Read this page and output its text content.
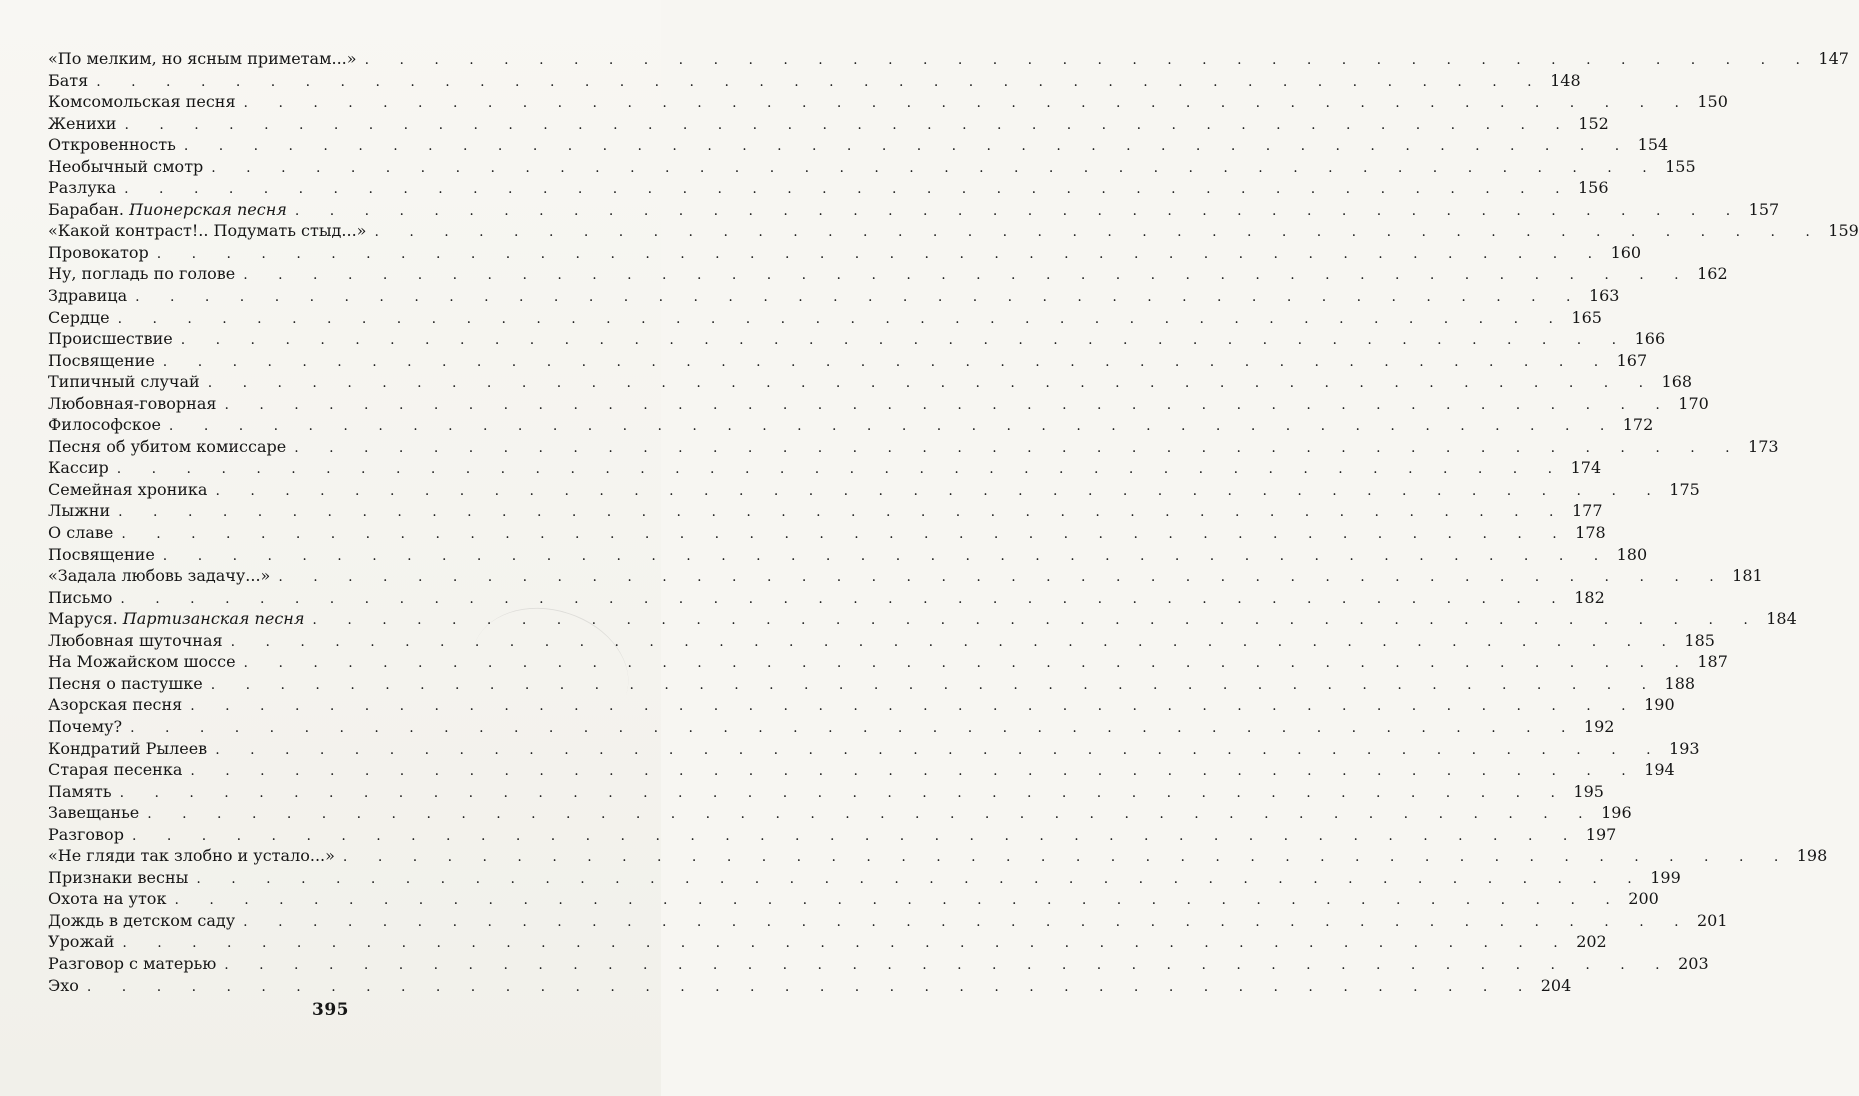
«По мелким, но ясным приметам...» . . . . . . . . . . . . . . . . . . . . . . . . . . . . . . . . . . . . . . . . . . 147
Батя . . . . . . . . . . . . . . . . . . . . . . . . . . . . . . . . . . . . . . . . . . 148
Комсомольская песня . . . . . . . . . . . . . . . . . . . . . . . . . . . . . . . . . . . . . . . . . . 150
Женихи . . . . . . . . . . . . . . . . . . . . . . . . . . . . . . . . . . . . . . . . . . 152
Откровенность . . . . . . . . . . . . . . . . . . . . . . . . . . . . . . . . . . . . . . . . . . 154
Необычный смотр . . . . . . . . . . . . . . . . . . . . . . . . . . . . . . . . . . . . . . . . . . 155
Разлука . . . . . . . . . . . . . . . . . . . . . . . . . . . . . . . . . . . . . . . . . . 156
Барабан. Пионерская песня . . . . . . . . . . . . . . . . . . . . . . . . . . . . . . . . . . . . . . . . . . 157
«Какой контраст!.. Подумать стыд...» . . . . . . . . . . . . . . . . . . . . . . . . . . . . . . . . . . . . . . . . . . 159
Провокатор . . . . . . . . . . . . . . . . . . . . . . . . . . . . . . . . . . . . . . . . . . 160
Ну, погладь по голове . . . . . . . . . . . . . . . . . . . . . . . . . . . . . . . . . . . . . . . . . . 162
Здравица . . . . . . . . . . . . . . . . . . . . . . . . . . . . . . . . . . . . . . . . . . 163
Сердце . . . . . . . . . . . . . . . . . . . . . . . . . . . . . . . . . . . . . . . . . . 165
Происшествие . . . . . . . . . . . . . . . . . . . . . . . . . . . . . . . . . . . . . . . . . . 166
Посвящение . . . . . . . . . . . . . . . . . . . . . . . . . . . . . . . . . . . . . . . . . . 167
Типичный случай . . . . . . . . . . . . . . . . . . . . . . . . . . . . . . . . . . . . . . . . . . 168
Любовная-говорная . . . . . . . . . . . . . . . . . . . . . . . . . . . . . . . . . . . . . . . . . . 170
Философское . . . . . . . . . . . . . . . . . . . . . . . . . . . . . . . . . . . . . . . . . . 172
Песня об убитом комиссаре . . . . . . . . . . . . . . . . . . . . . . . . . . . . . . . . . . . . . . . . . . 173
Кассир . . . . . . . . . . . . . . . . . . . . . . . . . . . . . . . . . . . . . . . . . . 174
Семейная хроника . . . . . . . . . . . . . . . . . . . . . . . . . . . . . . . . . . . . . . . . . . 175
Лыжни . . . . . . . . . . . . . . . . . . . . . . . . . . . . . . . . . . . . . . . . . . 177
О славе . . . . . . . . . . . . . . . . . . . . . . . . . . . . . . . . . . . . . . . . . . 178
Посвящение . . . . . . . . . . . . . . . . . . . . . . . . . . . . . . . . . . . . . . . . . . 180
«Задала любовь задачу...» . . . . . . . . . . . . . . . . . . . . . . . . . . . . . . . . . . . . . . . . . . 181
Письмо . . . . . . . . . . . . . . . . . . . . . . . . . . . . . . . . . . . . . . . . . . 182
Маруся. Партизанская песня . . . . . . . . . . . . . . . . . . . . . . . . . . . . . . . . . . . . . . . . . . 184
Любовная шуточная . . . . . . . . . . . . . . . . . . . . . . . . . . . . . . . . . . . . . . . . . . 185
На Можайском шоссе . . . . . . . . . . . . . . . . . . . . . . . . . . . . . . . . . . . . . . . . . . 187
Песня о пастушке . . . . . . . . . . . . . . . . . . . . . . . . . . . . . . . . . . . . . . . . . . 188
Азорская песня . . . . . . . . . . . . . . . . . . . . . . . . . . . . . . . . . . . . . . . . . . 190
Почему? . . . . . . . . . . . . . . . . . . . . . . . . . . . . . . . . . . . . . . . . . . 192
Кондратий Рылеев . . . . . . . . . . . . . . . . . . . . . . . . . . . . . . . . . . . . . . . . . . 193
Старая песенка . . . . . . . . . . . . . . . . . . . . . . . . . . . . . . . . . . . . . . . . . . 194
Память . . . . . . . . . . . . . . . . . . . . . . . . . . . . . . . . . . . . . . . . . . 195
Завещанье . . . . . . . . . . . . . . . . . . . . . . . . . . . . . . . . . . . . . . . . . . 196
Разговор . . . . . . . . . . . . . . . . . . . . . . . . . . . . . . . . . . . . . . . . . . 197
«Не гляди так злобно и устало...» . . . . . . . . . . . . . . . . . . . . . . . . . . . . . . . . . . . . . . . . . . 198
Признаки весны . . . . . . . . . . . . . . . . . . . . . . . . . . . . . . . . . . . . . . . . . . 199
Охота на уток . . . . . . . . . . . . . . . . . . . . . . . . . . . . . . . . . . . . . . . . . . 200
Дождь в детском саду . . . . . . . . . . . . . . . . . . . . . . . . . . . . . . . . . . . . . . . . . . 201
Урожай . . . . . . . . . . . . . . . . . . . . . . . . . . . . . . . . . . . . . . . . . . 202
Разговор с матерью . . . . . . . . . . . . . . . . . . . . . . . . . . . . . . . . . . . . . . . . . . 203
Эхо . . . . . . . . . . . . . . . . . . . . . . . . . . . . . . . . . . . . . . . . . . 204
395
